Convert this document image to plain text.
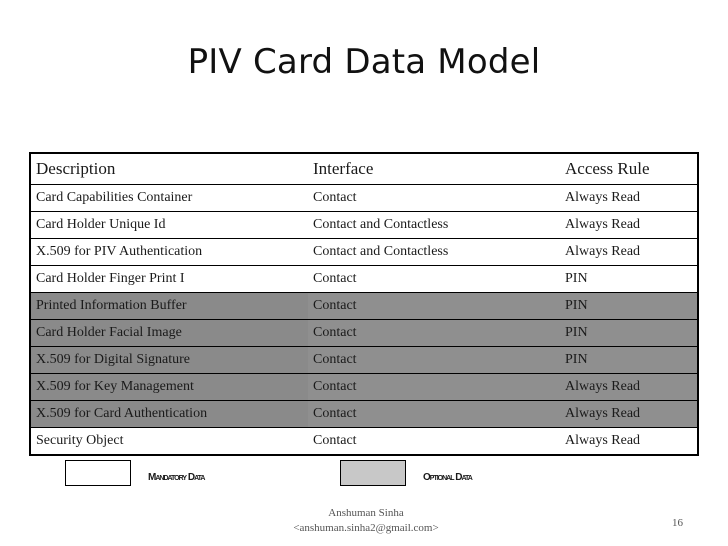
PIV Card Data Model
Description	Interface	Access Rule
Card Capabilities Container	Contact	Always Read
Card Holder Unique Id	Contact and Contactless	Always Read
X.509 for PIV Authentication	Contact and Contactless	Always Read
Card Holder Finger Print I	Contact	PIN
Printed Information Buffer	Contact	PIN
Card Holder Facial Image	Contact	PIN
X.509 for Digital Signature	Contact	PIN
X.509 for Key Management	Contact	Always Read
X.509 for Card Authentication	Contact	Always Read
Security Object	Contact	Always Read
Mandatory Data	Optional Data
Anshuman Sinha
<anshuman.sinha2@gmail.com>	16
